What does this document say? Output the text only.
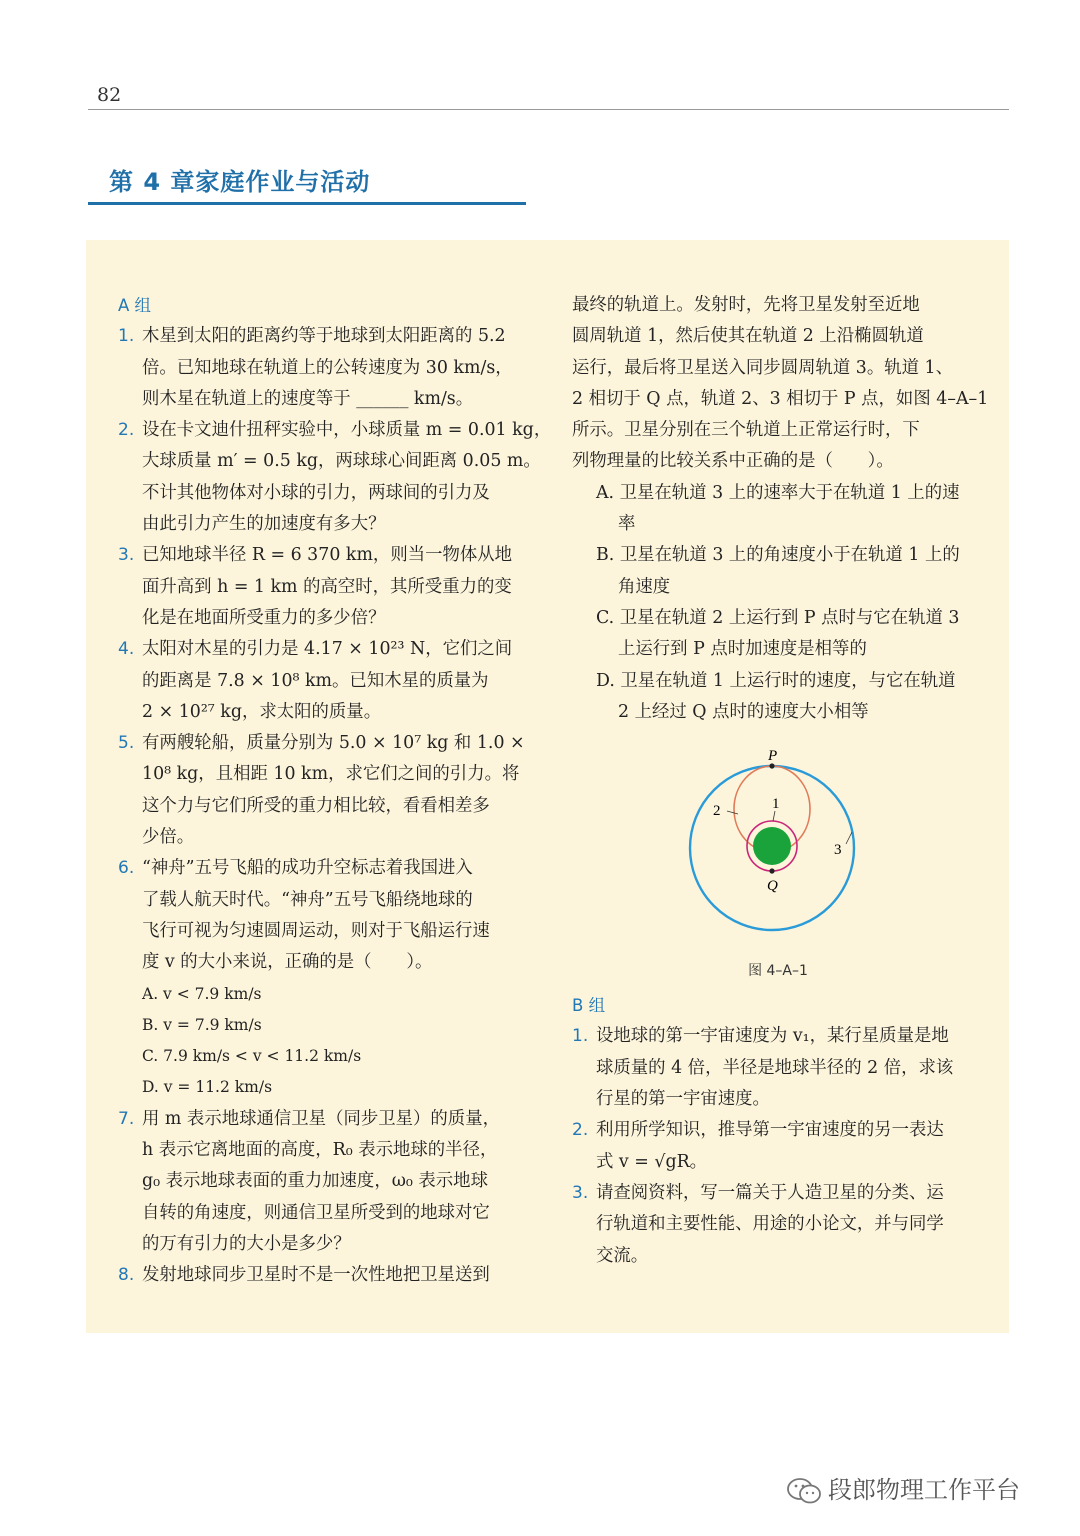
82
第 4 章家庭作业与活动
A 组
1. 木星到太阳的距离约等于地球到太阳距离的 5.2
倍。已知地球在轨道上的公转速度为 30 km/s，
则木星在轨道上的速度等于 ______ km/s。
2. 设在卡文迪什扭秤实验中，小球质量 m = 0.01 kg，
大球质量 m′ = 0.5 kg，两球球心间距离 0.05 m。
不计其他物体对小球的引力，两球间的引力及
由此引力产生的加速度有多大？
3. 已知地球半径 R = 6 370 km，则当一物体从地
面升高到 h = 1 km 的高空时，其所受重力的变
化是在地面所受重力的多少倍？
4. 太阳对木星的引力是 4.17 × 10²³ N，它们之间
的距离是 7.8 × 10⁸ km。已知木星的质量为
2 × 10²⁷ kg，求太阳的质量。
5. 有两艘轮船，质量分别为 5.0 × 10⁷ kg 和 1.0 ×
10⁸ kg，且相距 10 km，求它们之间的引力。将
这个力与它们所受的重力相比较，看看相差多
少倍。
6. “神舟”五号飞船的成功升空标志着我国进入
了载人航天时代。“神舟”五号飞船绕地球的
飞行可视为匀速圆周运动，则对于飞船运行速
度 v 的大小来说，正确的是（　　）。
A. v < 7.9 km/s
B. v = 7.9 km/s
C. 7.9 km/s < v < 11.2 km/s
D. v = 11.2 km/s
7. 用 m 表示地球通信卫星（同步卫星）的质量，
h 表示它离地面的高度，R₀ 表示地球的半径，
g₀ 表示地球表面的重力加速度，ω₀ 表示地球
自转的角速度，则通信卫星所受到的地球对它
的万有引力的大小是多少？
8. 发射地球同步卫星时不是一次性地把卫星送到
最终的轨道上。发射时，先将卫星发射至近地
圆周轨道 1，然后使其在轨道 2 上沿椭圆轨道
运行，最后将卫星送入同步圆周轨道 3。轨道 1、
2 相切于 Q 点，轨道 2、3 相切于 P 点，如图 4–A–1
所示。卫星分别在三个轨道上正常运行时，下
列物理量的比较关系中正确的是（　　）。
A. 卫星在轨道 3 上的速率大于在轨道 1 上的速
率
B. 卫星在轨道 3 上的角速度小于在轨道 1 上的
角速度
C. 卫星在轨道 2 上运行到 P 点时与它在轨道 3
上运行到 P 点时加速度是相等的
D. 卫星在轨道 1 上运行时的速度，与它在轨道
2 上经过 Q 点时的速度大小相等
P
Q
1
2
3
图 4–A–1
B 组
1. 设地球的第一宇宙速度为 v₁，某行星质量是地
球质量的 4 倍，半径是地球半径的 2 倍，求该
行星的第一宇宙速度。
2. 利用所学知识，推导第一宇宙速度的另一表达
式 v = √gR。
3. 请查阅资料，写一篇关于人造卫星的分类、运
行轨道和主要性能、用途的小论文，并与同学
交流。
段郎物理工作平台
